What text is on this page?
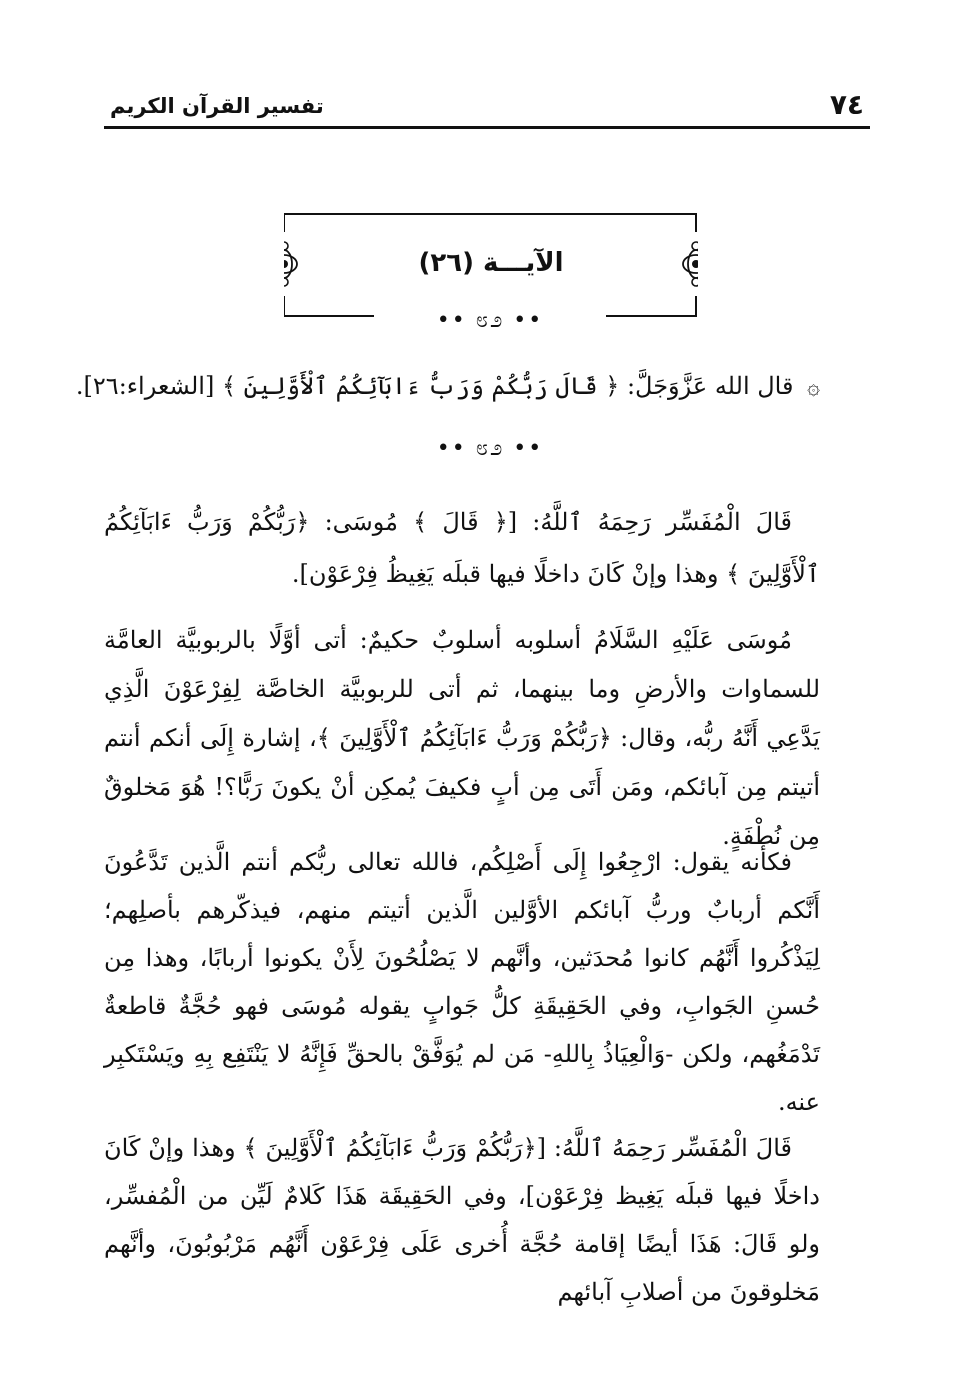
٧٤
تفسير القرآن الكريم
الآيـــة (٢٦)
•• ೮೨ ••
۞ قال الله عَزَّوَجَلَّ: ﴿ قَالَ رَبُّكُمْ وَرَبُّ ءَابَآئِكُمُ ٱلْأَوَّلِينَ ﴾ [الشعراء:٢٦].
•• ೮೨ ••

قَالَ الْمُفَسِّر رَحِمَهُ ٱللَّهُ: [﴿ قَالَ ﴾ مُوسَى: ﴿رَبُّكُمْ وَرَبُّ ءَابَآئِكُمُ ٱلْأَوَّلِينَ ﴾ وهذا وإنْ كَانَ داخلًا فيها قبلَه يَغِيظُ فِرْعَوْن].

مُوسَى عَلَيْهِ السَّلَامُ أسلوبه أسلوبٌ حكيمٌ: أتى أوَّلًا بالربوبيَّة العامَّة للسماوات والأرضِ وما بينهما، ثم أتى للربوبيَّة الخاصَّة لِفِرْعَوْنَ الَّذِي يَدَّعِي أَنَّهُ ربُّه، وقال: ﴿رَبُّكُمْ وَرَبُّ ءَابَآئِكُمُ ٱلْأَوَّلِينَ ﴾، إشارة إِلَى أنكم أنتم أتيتم مِن آبائكم، ومَن أَتَى مِن أبٍ فكيفَ يُمكِن أنْ يكونَ رَبًّا؟! هُوَ مَخلوقٌ مِن نُطْفَةٍ.

فكأنه يقول: ارْجِعُوا إِلَى أَصْلِكُم، فالله تعالى ربُّكم أنتم الَّذين تَدَّعُونَ أَنَّكم أربابٌ وربُّ آبائكم الأوَّلين الَّذين أتيتم منهم، فيذكّرهم بأصلِهم؛ لِيَذْكُروا أَنَّهُم كانوا مُحدَثين، وأنَّهم لا يَصْلُحُونَ لِأَنْ يكونوا أربابًا، وهذا مِن حُسنِ الجَوابِ، وفي الحَقِيقَةِ كلُّ جَوابٍ يقوله مُوسَى فهو حُجَّةٌ قاطعةٌ تَدْمَغُهم، ولكن -وَالْعِيَاذُ بِاللهِ- مَن لم يُوَفَّقْ بالحقِّ فَإِنَّهُ لا يَنْتَفِع بِهِ ويَسْتَكبِر عنه.

قَالَ الْمُفَسِّر رَحِمَهُ ٱللَّهُ: [﴿رَبُّكُمْ وَرَبُّ ءَابَآئِكُمُ ٱلْأَوَّلِينَ ﴾ وهذا وإنْ كَانَ داخلًا فيها قبلَه يَغِيظ فِرْعَوْن]، وفي الحَقِيقَة هَذَا كَلامٌ لَيِّن من الْمُفسِّر، ولو قَالَ: هَذَا أيضًا إقامة حُجَّة أُخرى عَلَى فِرْعَوْن أَنَّهُم مَرْبُوبُونَ، وأنَّهم مَخلوقونَ من أصلابِ آبائهم
